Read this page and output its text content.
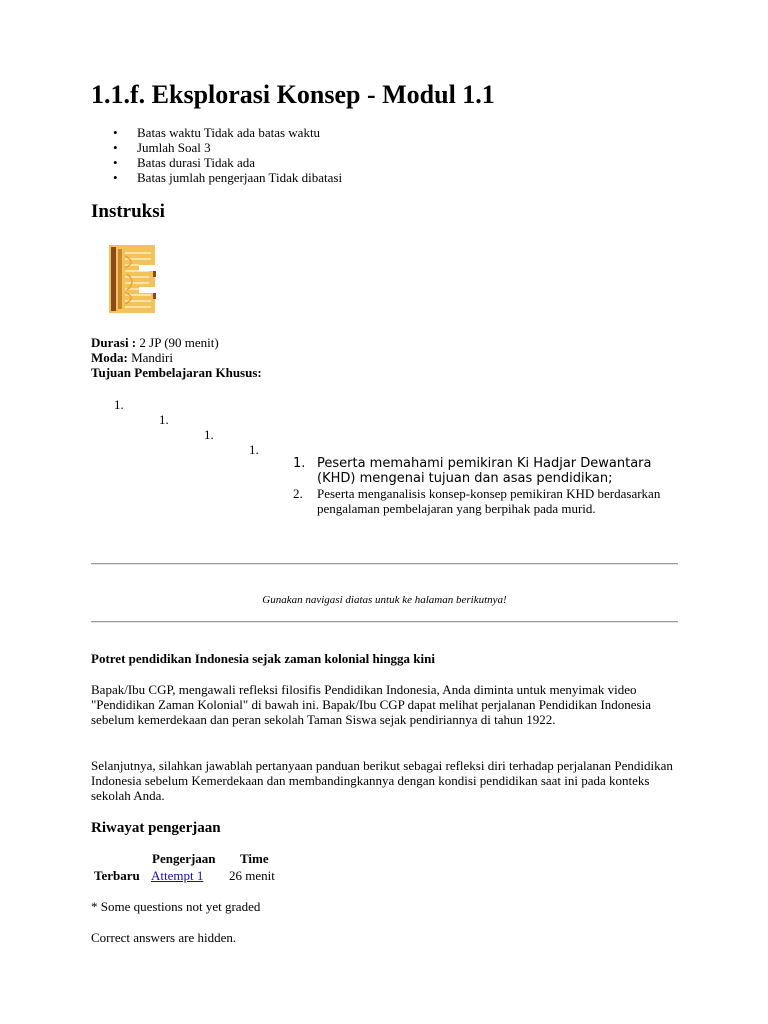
1.1.f. Eksplorasi Konsep - Modul 1.1
• Batas waktu Tidak ada batas waktu
• Jumlah Soal 3
• Batas durasi Tidak ada
• Batas jumlah pengerjaan Tidak dibatasi
Instruksi
Durasi : 2 JP (90 menit)
Moda: Mandiri
Tujuan Pembelajaran Khusus:
1.
1.
1.
1.
1. Peserta memahami pemikiran Ki Hadjar Dewantara (KHD) mengenai tujuan dan asas pendidikan;
2. Peserta menganalisis konsep-konsep pemikiran KHD berdasarkan pengalaman pembelajaran yang berpihak pada murid.
Gunakan navigasi diatas untuk ke halaman berikutnya!
Potret pendidikan Indonesia sejak zaman kolonial hingga kini
Bapak/Ibu CGP, mengawali refleksi filosifis Pendidikan Indonesia, Anda diminta untuk menyimak video "Pendidikan Zaman Kolonial" di bawah ini. Bapak/Ibu CGP dapat melihat perjalanan Pendidikan Indonesia sebelum kemerdekaan dan peran sekolah Taman Siswa sejak pendiriannya di tahun 1922.
Selanjutnya, silahkan jawablah pertanyaan panduan berikut sebagai refleksi diri terhadap perjalanan Pendidikan Indonesia sebelum Kemerdekaan dan membandingkannya dengan kondisi pendidikan saat ini pada konteks sekolah Anda.
Riwayat pengerjaan
Pengerjaan Time
Terbaru Attempt 1 26 menit
* Some questions not yet graded
Correct answers are hidden.
